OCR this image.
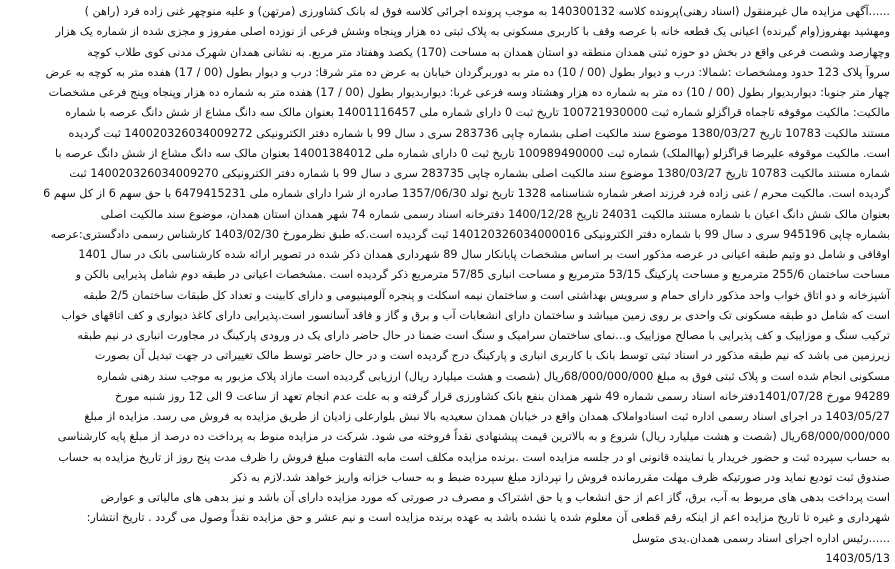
......آگهی مزایده مال غیرمنقول (اسناد رهنی)پرونده کلاسه 140300132 به موجب پرونده اجرائی کلاسه فوق له بانک کشاورزی (مرتهن) و علیه منوچهر غنی زاده فرد (راهن )
ومهشید بهفروز(وام گیرنده) اعیانی یک قطعه خانه با عرصه وقف با کاربری مسکونی به پلاک ثبتی ده هزار وپنجاه وشش فرعی از نوزده اصلی مفروز و مجزی شده از شماره یک هزار
وچهارصد وشصت فرعی واقع در بخش دو حوزه ثبتی همدان منطقه دو استان همدان به مساحت (170) یکصد وهفتاد متر مربع. به نشانی همدان شهرک مدنی کوی طلاب کوچه
سروآ پلاک 123 حدود ومشخصات :شمالا: درب و دیوار بطول (00 / 10) ده متر به دوربرگردان خیابان به عرض ده متر شرقا: درب و دیوار بطول (00 / 17) هفده متر به کوچه به عرض
چهار متر جنوبا: دیواربدیوار بطول (00 / 10) ده متر به شماره ده هزار وهشتاد وسه فرعی غربا: دیواربدیوار بطول (00 / 17) هفده متر به شماره ده هزار وپنجاه وپنج فرعی مشخصات
مالکیت: مالکیت موقوفه تاجماه قراگزلو شماره ثبت 100721930000 تاریخ ثبت 0 دارای شماره ملی 14001116457 بعنوان مالک سه دانگ مشاع از شش دانگ عرصه با شماره
مستند مالکیت 10783 تاریخ 1380/03/27 موضوع سند مالکیت اصلی بشماره چاپی 283736 سری د سال 99 با شماره دفتر الکترونیکی 140020326034009272 ثبت گردیده
است. مالکیت موقوفه علیرضا قراگزلو (بهاالملک) شماره ثبت 100989490000 تاریخ ثبت 0 دارای شماره ملی 14001384012 بعنوان مالک سه دانگ مشاع از شش دانگ عرصه با
شماره مستند مالکیت 10783 تاریخ 1380/03/27 موضوع سند مالکیت اصلی بشماره چاپی 283735 سری د سال 99 با شماره دفتر الکترونیکی 140020326034009270 ثبت
گردیده است. مالکیت محرم / غنی زاده فرد فرزند اصغر شماره شناسنامه 1328 تاریخ تولد 1357/06/30 صادره از شرا دارای شماره ملی 6479415231 با حق سهم 6 از کل سهم 6
بعنوان مالک شش دانگ اعیان با شماره مستند مالکیت 24031 تاریخ 1400/12/28 دفترخانه اسناد رسمی شماره 74 شهر همدان استان همدان، موضوع سند مالکیت اصلی
بشماره چاپی 945196 سری د سال 99 با شماره دفتر الکترونیکی 140120326034000016 ثبت گردیده است.که طبق نظرمورخ 1403/02/30 کارشناس رسمی دادگستری:عرصه
اوقافی و شامل دو وتیم طبقه اعیانی در عرصه مذکور است بر اساس مشخصات پایانکار سال 89 شهرداری همدان ذکر شده در تصویر ارائه شده کارشناسی بانک در سال 1401
مساحت ساختمان 255/6 مترمربع و مساحت پارکینگ 53/15 مترمربع و مساحت انباری 57/85 مترمربع ذکر گردیده است .مشخصات اعیانی در طبقه دوم شامل پذیرایی بالکن و
آشپزخانه و دو اتاق خواب واحد مذکور دارای حمام و سرویس بهداشتی است و ساختمان نیمه اسکلت و پنجره آلومینیومی و دارای کابینت و تعداد کل طبقات ساختمان 2/5 طبقه
است که شامل دو طبقه مسکونی تک واحدی بر روی زمین میباشد و ساختمان دارای انشعابات آب و برق و گاز و فاقد آسانسور است.پذیرایی دارای کاغذ دیواری و کف اتاقهای خواب
ترکیب سنگ و موزاییک و کف پذیرایی با مصالح موزاییک و...نمای ساختمان سرامیک و سنگ است ضمنا در حال حاضر دارای یک در ورودی پارکینگ در مجاورت انباری در نیم طبقه
زیرزمین می باشد که نیم طبقه مذکور در اسناد ثبتی توسط بانک با کاربری انباری و پارکینگ درج گردیده است و در حال حاضر توسط مالک تغییراتی در جهت تبدیل آن بصورت
مسکونی انجام شده است و پلاک ثبتی فوق به مبلغ 68/000/000/000ریال (شصت و هشت میلیارد ریال) ارزیابی گردیده است مازاد پلاک مزبور به موجب سند رهنی شماره
94289 مورخ 1401/07/28دفترخانه اسناد رسمی شماره 49 شهر همدان بنفع بانک کشاورزی قرار گرفته و به علت عدم انجام تعهد از ساعت 9 الی 12 روز شنبه مورخ
1403/05/27 در اجرای اسناد رسمی اداره ثبت اسنادواملاک همدان واقع در خیابان همدان سعیدیه بالا نبش بلوارعلی زادیان از طریق مزایده به فروش می رسد. مزایده از مبلغ
68/000/000/000ریال (شصت و هشت میلیارد ریال) شروع و به بالاترین قیمت پیشنهادی نقداً فروخته می شود. شرکت در مزایده منوط به پرداخت ده درصد از مبلغ پایه کارشناسی
به حساب سپرده ثبت و حضور خریدار یا نماینده قانونی او در جلسه مزایده است .برنده مزایده مکلف است مابه التفاوت مبلغ فروش را ظرف مدت پنج روز از تاریخ مزایده به حساب
صندوق ثبت تودیع نماید ودر صورتیکه ظرف مهلت مقررمانده فروش را نپردازد مبلغ سپرده ضبط و به حساب خزانه واریز خواهد شد.لازم به ذکر
است پرداخت بدهی های مربوط به آب، برق، گاز اعم از حق انشعاب و یا حق اشتراک و مصرف در صورتی که مورد مزایده دارای آن باشد و نیز بدهی های مالیاتی و عوارض
شهرداری و غیره تا تاریخ مزایده اعم از اینکه رقم قطعی آن معلوم شده یا نشده باشد به عهده برنده مزایده است و نیم عشر و حق مزایده نقداً وصول می گردد . تاریخ انتشار:
......رئیس اداره اجرای اسناد رسمی همدان.یدی متوسل
1403/05/13
